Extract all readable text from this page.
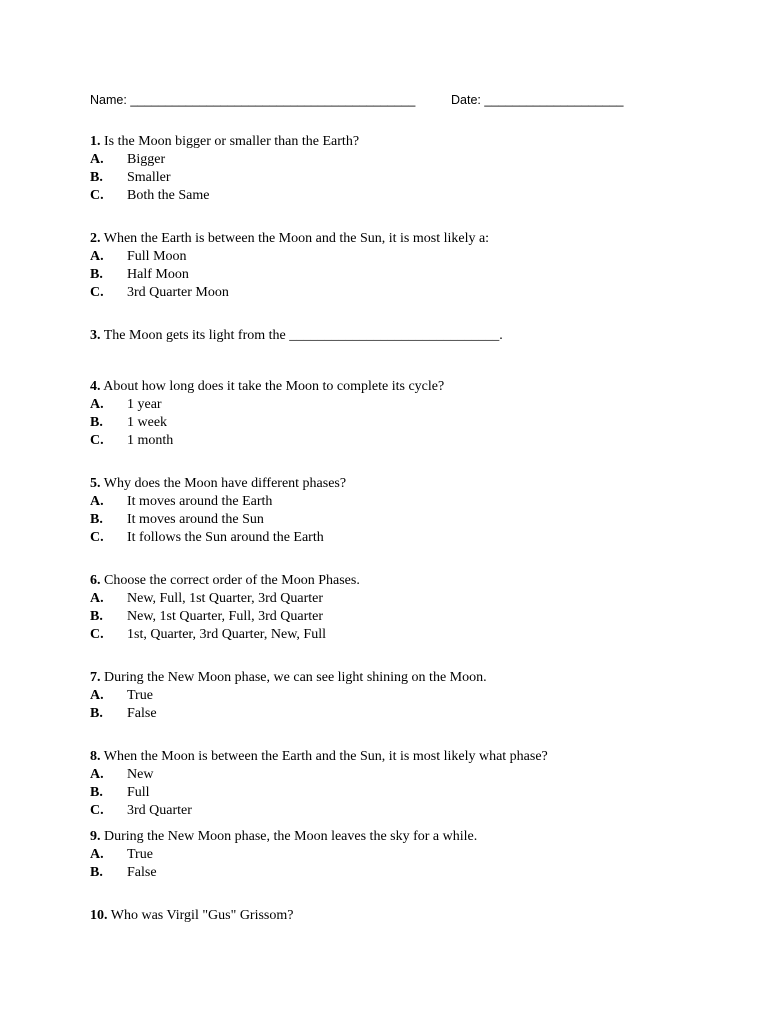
Name: _________________________________________	Date: ____________________
1. Is the Moon bigger or smaller than the Earth?
A. Bigger
B. Smaller
C. Both the Same
2. When the Earth is between the Moon and the Sun, it is most likely a:
A. Full Moon
B. Half Moon
C. 3rd Quarter Moon
3. The Moon gets its light from the ______________________________.
4. About how long does it take the Moon to complete its cycle?
A. 1 year
B. 1 week
C. 1 month
5. Why does the Moon have different phases?
A. It moves around the Earth
B. It moves around the Sun
C. It follows the Sun around the Earth
6. Choose the correct order of the Moon Phases.
A. New, Full, 1st Quarter, 3rd Quarter
B. New, 1st Quarter, Full, 3rd Quarter
C. 1st, Quarter, 3rd Quarter, New, Full
7. During the New Moon phase, we can see light shining on the Moon.
A. True
B. False
8. When the Moon is between the Earth and the Sun, it is most likely what phase?
A. New
B. Full
C. 3rd Quarter
9. During the New Moon phase, the Moon leaves the sky for a while.
A. True
B. False
10. Who was Virgil "Gus" Grissom?
